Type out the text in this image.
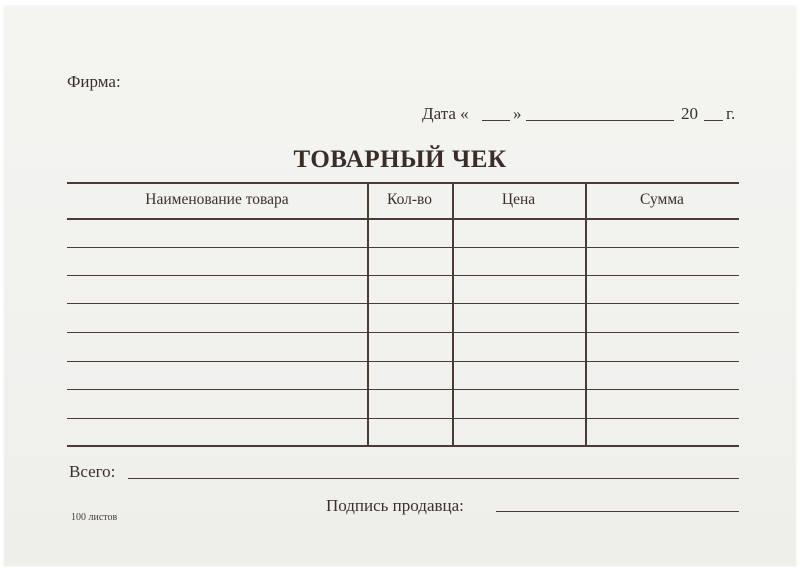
Фирма:
Дата «	»	20 г.
ТОВАРНЫЙ ЧЕК
Наименование товара	Кол-во	Цена	Сумма
Всего:
Подпись продавца:
100 листов
